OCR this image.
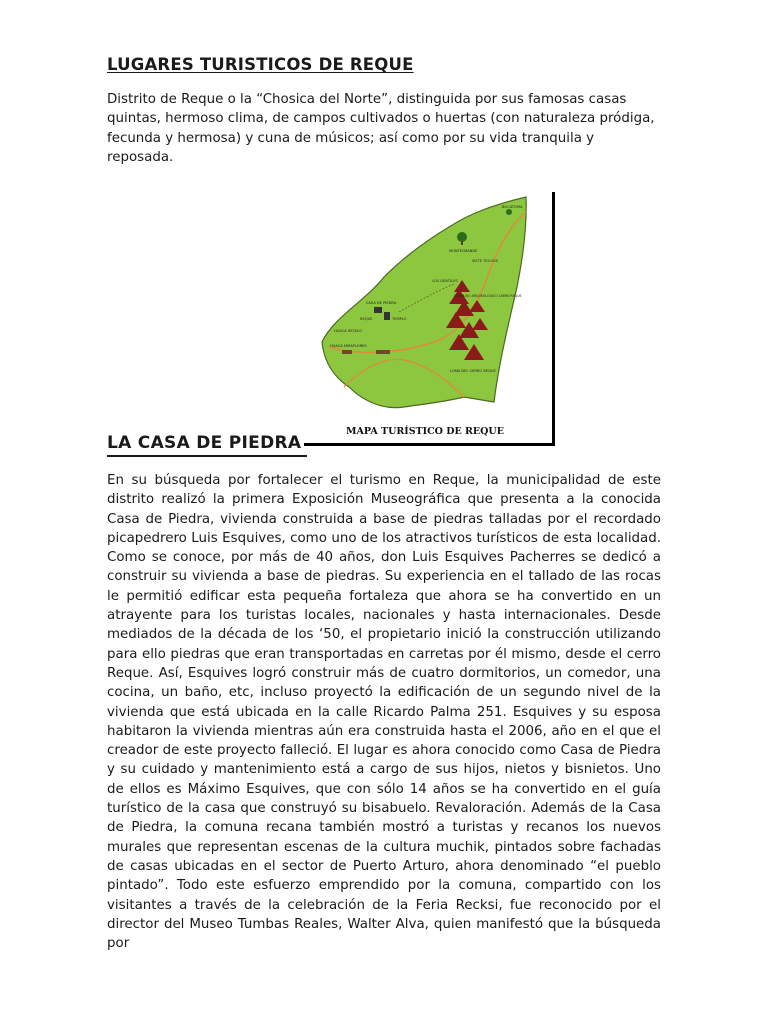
LUGARES TURISTICOS DE REQUE

Distrito de Reque o la “Chosica del Norte”, distinguida por sus famosas casas quintas, hermoso clima, de campos cultivados o huertas (con naturaleza pródiga, fecunda y hermosa) y cuna de músicos; así como por su vida tranquila y reposada.

BOCATOMA
MONTEGRANDE
SIETE TECHOS
LOS GENTILES
CASA DE PIEDRA
REQUE	TEMPLO
COMPLEJO ARQUEOLÓGICO CHIMÚ REQUE
HUACA RETACO
HUACA MIRAFLORES
LOMA DEL CERRO REQUE
MAPA TURÍSTICO DE REQUE
LA CASA DE PIEDRA

En su búsqueda por fortalecer el turismo en Reque, la municipalidad de este distrito realizó la primera Exposición Museográfica que presenta a la conocida Casa de Piedra, vivienda construida a base de piedras talladas por el recordado picapedrero Luis Esquives, como uno de los atractivos turísticos de esta localidad. Como se conoce, por más de 40 años, don Luis Esquives Pacherres se dedicó a construir su vivienda a base de piedras. Su experiencia en el tallado de las rocas le permitió edificar esta pequeña fortaleza que ahora se ha convertido en un atrayente para los turistas locales, nacionales y hasta internacionales. Desde mediados de la década de los ‘50, el propietario inició la construcción utilizando para ello piedras que eran transportadas en carretas por él mismo, desde el cerro Reque. Así, Esquives logró construir más de cuatro dormitorios, un comedor, una cocina, un baño, etc, incluso proyectó la edificación de un segundo nivel de la vivienda que está ubicada en la calle Ricardo Palma 251. Esquives y su esposa habitaron la vivienda mientras aún era construida hasta el 2006, año en el que el creador de este proyecto falleció. El lugar es ahora conocido como Casa de Piedra y su cuidado y mantenimiento está a cargo de sus hijos, nietos y bisnietos. Uno de ellos es Máximo Esquives, que con sólo 14 años se ha convertido en el guía turístico de la casa que construyó su bisabuelo. Revaloración. Además de la Casa de Piedra, la comuna recana también mostró a turistas y recanos los nuevos murales que representan escenas de la cultura muchik, pintados sobre fachadas de casas ubicadas en el sector de Puerto Arturo, ahora denominado “el pueblo pintado”. Todo este esfuerzo emprendido por la comuna, compartido con los visitantes a través de la celebración de la Feria Recksi, fue reconocido por el director del Museo Tumbas Reales, Walter Alva, quien manifestó que la búsqueda por
